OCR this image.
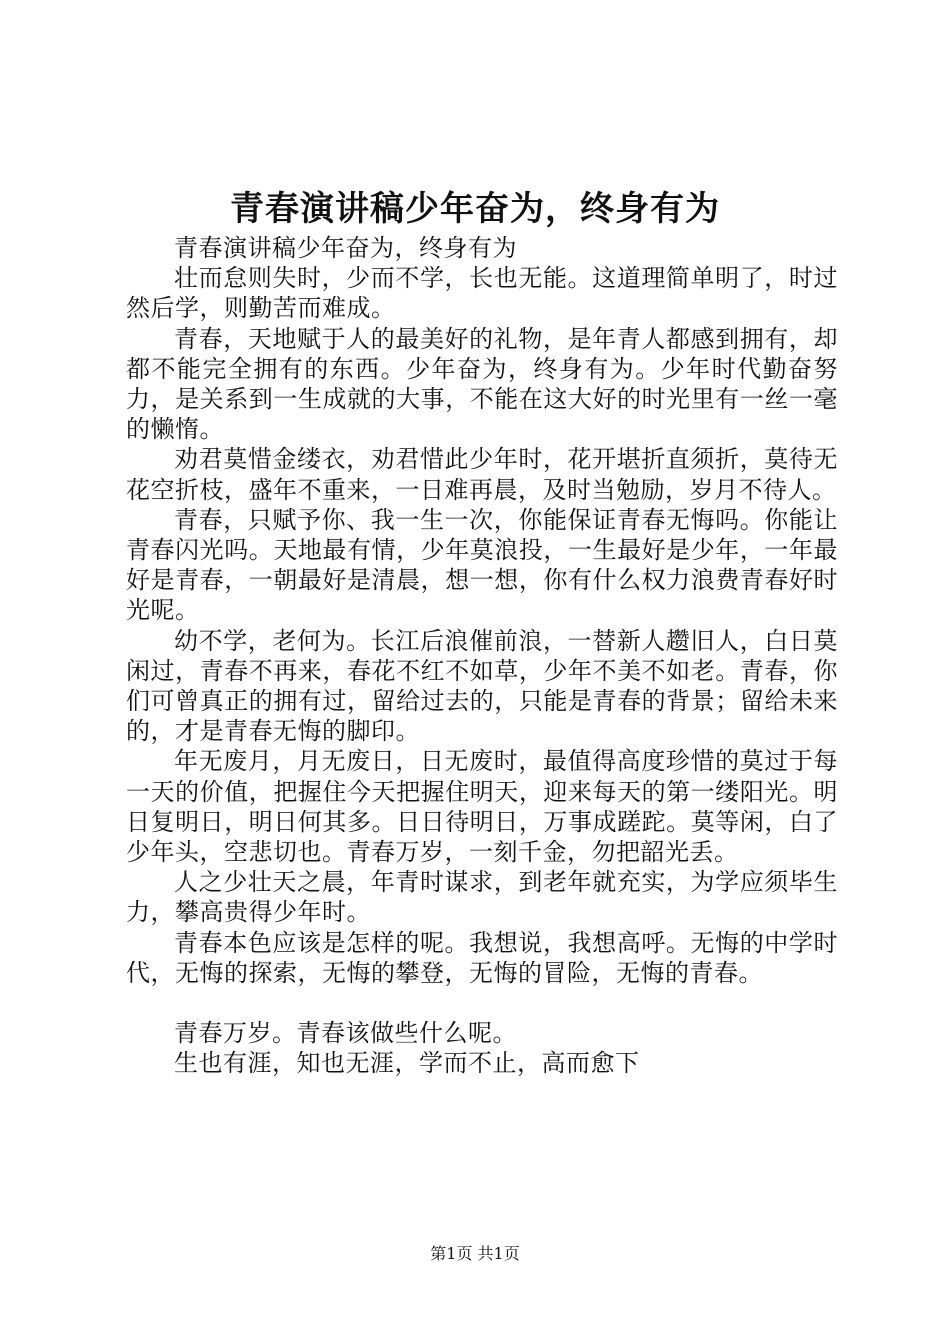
青春演讲稿少年奋为，终身有为

青春演讲稿少年奋为，终身有为

壮而怠则失时，少而不学，长也无能。这道理简单明了，时过然后学，则勤苦而难成。

青春，天地赋于人的最美好的礼物，是年青人都感到拥有，却都不能完全拥有的东西。少年奋为，终身有为。少年时代勤奋努力，是关系到一生成就的大事，不能在这大好的时光里有一丝一毫的懒惰。

劝君莫惜金缕衣，劝君惜此少年时，花开堪折直须折，莫待无花空折枝，盛年不重来，一日难再晨，及时当勉励，岁月不待人。

青春，只赋予你、我一生一次，你能保证青春无悔吗。你能让青春闪光吗。天地最有情，少年莫浪投，一生最好是少年，一年最好是青春，一朝最好是清晨，想一想，你有什么权力浪费青春好时光呢。

幼不学，老何为。长江后浪催前浪，一替新人趱旧人，白日莫闲过，青春不再来，春花不红不如草，少年不美不如老。青春，你们可曾真正的拥有过，留给过去的，只能是青春的背景；留给未来的，才是青春无悔的脚印。

年无废月，月无废日，日无废时，最值得高度珍惜的莫过于每一天的价值，把握住今天把握住明天，迎来每天的第一缕阳光。明日复明日，明日何其多。日日待明日，万事成蹉跎。莫等闲，白了少年头，空悲切也。青春万岁，一刻千金，勿把韶光丢。

人之少壮天之晨，年青时谋求，到老年就充实，为学应须毕生力，攀高贵得少年时。

青春本色应该是怎样的呢。我想说，我想高呼。无悔的中学时代，无悔的探索，无悔的攀登，无悔的冒险，无悔的青春。

青春万岁。青春该做些什么呢。

生也有涯，知也无涯，学而不止，高而愈下

第1页 共1页
